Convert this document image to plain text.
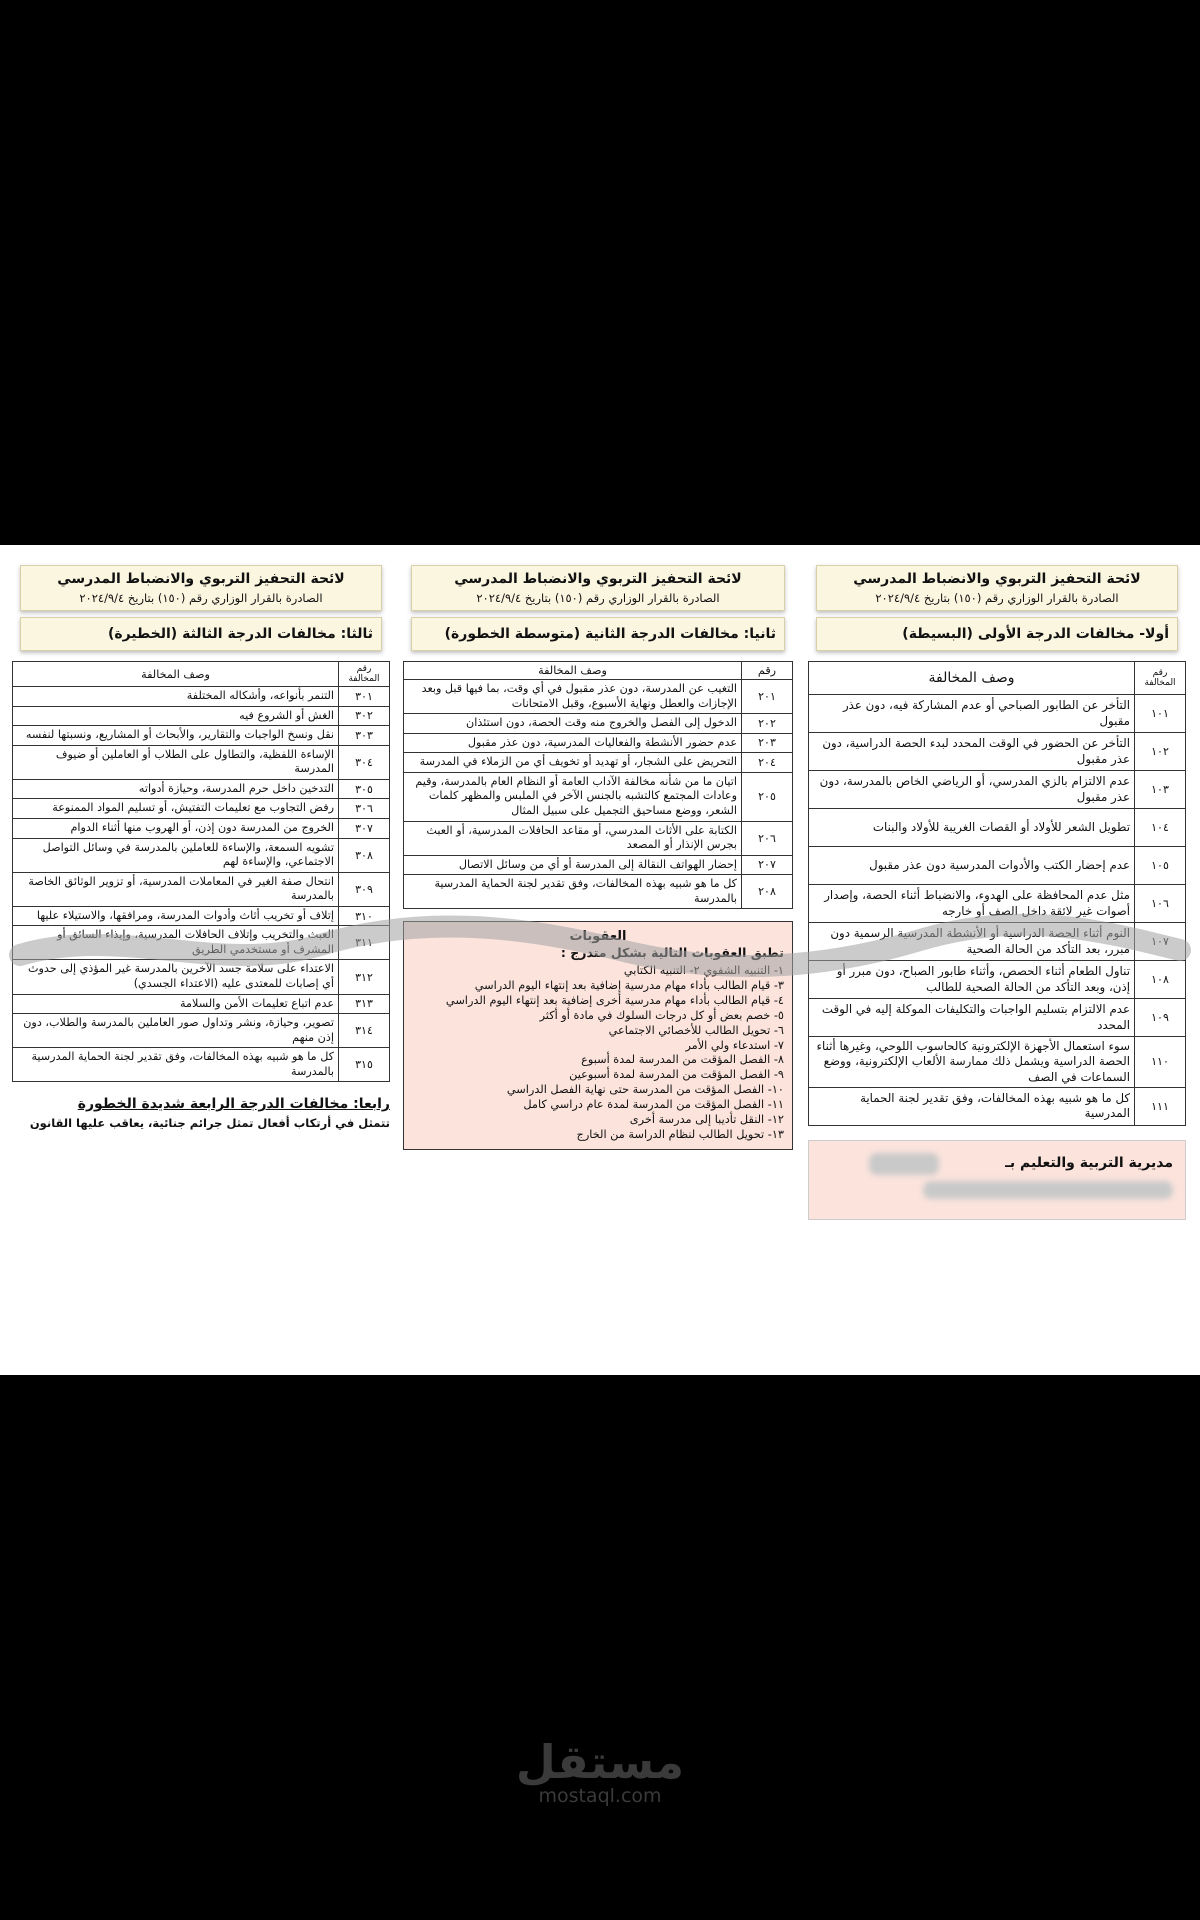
لائحة التحفيز التربوي والانضباط المدرسي
الصادرة بالقرار الوزاري رقم (١٥٠) بتاريخ ٢٠٢٤/٩/٤
أولا- مخالفات الدرجة الأولى (البسيطة)
رقم المخالفة	وصف المخالفة
١٠١	التأخر عن الطابور الصباحي أو عدم المشاركة فيه، دون عذر مقبول
١٠٢	التأخر عن الحضور في الوقت المحدد لبدء الحصة الدراسية، دون عذر مقبول
١٠٣	عدم الالتزام بالزي المدرسي، أو الرياضي الخاص بالمدرسة، دون عذر مقبول
١٠٤	تطويل الشعر للأولاد أو القصات الغريبة للأولاد والبنات
١٠٥	عدم إحضار الكتب والأدوات المدرسية دون عذر مقبول
١٠٦	مثل عدم المحافظة على الهدوء، والانضباط أثناء الحصة، وإصدار أصوات غير لائقة داخل الصف أو خارجه
١٠٧	النوم أثناء الحصة الدراسية أو الأنشطة المدرسية الرسمية دون مبرر، بعد التأكد من الحالة الصحية
١٠٨	تناول الطعام أثناء الحصص، وأثناء طابور الصباح، دون مبرر أو إذن، وبعد التأكد من الحالة الصحية للطالب
١٠٩	عدم الالتزام بتسليم الواجبات والتكليفات الموكلة إليه في الوقت المحدد
١١٠	سوء استعمال الأجهزة الإلكترونية كالحاسوب اللوحي، وغيرها أثناء الحصة الدراسية ويشمل ذلك ممارسة الألعاب الإلكترونية، ووضع السماعات في الصف
١١١	كل ما هو شبيه بهذه المخالفات، وفق تقدير لجنة الحماية المدرسية
مديرية التربية والتعليم بـ
لائحة التحفيز التربوي والانضباط المدرسي
الصادرة بالقرار الوزاري رقم (١٥٠) بتاريخ ٢٠٢٤/٩/٤
ثانيا: مخالفات الدرجة الثانية (متوسطة الخطورة)
رقم	وصف المخالفة
٢٠١	التغيب عن المدرسة، دون عذر مقبول في أي وقت، بما فيها قبل وبعد الإجازات والعطل ونهاية الأسبوع، وقبل الامتحانات
٢٠٢	الدخول إلى الفصل والخروج منه وقت الحصة، دون استئذان
٢٠٣	عدم حضور الأنشطة والفعاليات المدرسية، دون عذر مقبول
٢٠٤	التحريض على الشجار، أو تهديد أو تخويف أي من الزملاء في المدرسة
٢٠٥	اتيان ما من شأنه مخالفة الآداب العامة أو النظام العام بالمدرسة، وقيم وعادات المجتمع كالتشبه بالجنس الآخر في الملبس والمظهر كلمات الشعر، ووضع مساحيق التجميل على سبيل المثال
٢٠٦	الكتابة على الأثاث المدرسي، أو مقاعد الحافلات المدرسية، أو العبث بجرس الإنذار أو المصعد
٢٠٧	إحضار الهواتف النقالة إلى المدرسة أو أي من وسائل الاتصال
٢٠٨	كل ما هو شبيه بهذه المخالفات، وفق تقدير لجنة الحماية المدرسية بالمدرسة
العقوبات
تطبق العقوبات التالية بشكل متدرج :
١- التنبيه الشفوي ٢- التنبيه الكتابي
٣- قيام الطالب بأداء مهام مدرسية إضافية بعد إنتهاء اليوم الدراسي
٤- قيام الطالب بأداء مهام مدرسية أخرى إضافية بعد إنتهاء اليوم الدراسي
٥- خصم بعض أو كل درجات السلوك في مادة أو أكثر
٦- تحويل الطالب للأخصائي الاجتماعي
٧- استدعاء ولي الأمر
٨- الفصل المؤقت من المدرسة لمدة أسبوع
٩- الفصل المؤقت من المدرسة لمدة أسبوعين
١٠- الفصل المؤقت من المدرسة حتى نهاية الفصل الدراسي
١١- الفصل المؤقت من المدرسة لمدة عام دراسي كامل
١٢- النقل تأديبا إلى مدرسة أخرى
١٣- تحويل الطالب لنظام الدراسة من الخارج
لائحة التحفيز التربوي والانضباط المدرسي
الصادرة بالقرار الوزاري رقم (١٥٠) بتاريخ ٢٠٢٤/٩/٤
ثالثا: مخالفات الدرجة الثالثة (الخطيرة)
رقم المخالفة	وصف المخالفة
٣٠١	التنمر بأنواعه، وأشكاله المختلفة
٣٠٢	الغش أو الشروع فيه
٣٠٣	نقل ونسخ الواجبات والتقارير، والأبحاث أو المشاريع، ونسبتها لنفسه
٣٠٤	الإساءة اللفظية، والتطاول على الطلاب أو العاملين أو ضيوف المدرسة
٣٠٥	التدخين داخل حرم المدرسة، وحيازة أدواته
٣٠٦	رفض التجاوب مع تعليمات التفتيش، أو تسليم المواد الممنوعة
٣٠٧	الخروج من المدرسة دون إذن، أو الهروب منها أثناء الدوام
٣٠٨	تشويه السمعة، والإساءة للعاملين بالمدرسة في وسائل التواصل الاجتماعي، والإساءة لهم
٣٠٩	انتحال صفة الغير في المعاملات المدرسية، أو تزوير الوثائق الخاصة بالمدرسة
٣١٠	إتلاف أو تخريب أثاث وأدوات المدرسة، ومرافقها، والاستيلاء عليها
٣١١	العبث والتخريب وإتلاف الحافلات المدرسية، وإيذاء السائق أو المشرف أو مستخدمي الطريق
٣١٢	الاعتداء على سلامة جسد الآخرين بالمدرسة غير المؤذي إلى حدوث أي إصابات للمعتدى عليه (الاعتداء الجسدي)
٣١٣	عدم اتباع تعليمات الأمن والسلامة
٣١٤	تصوير، وحيازة، ونشر وتداول صور العاملين بالمدرسة والطلاب، دون إذن منهم
٣١٥	كل ما هو شبيه بهذه المخالفات، وفق تقدير لجنة الحماية المدرسية بالمدرسة
رابعا: مخالفات الدرجة الرابعة شديدة الخطورة
تتمثل في أرتكاب أفعال تمثل جرائم جنائية، يعاقب عليها القانون
مستقل
mostaql.com
